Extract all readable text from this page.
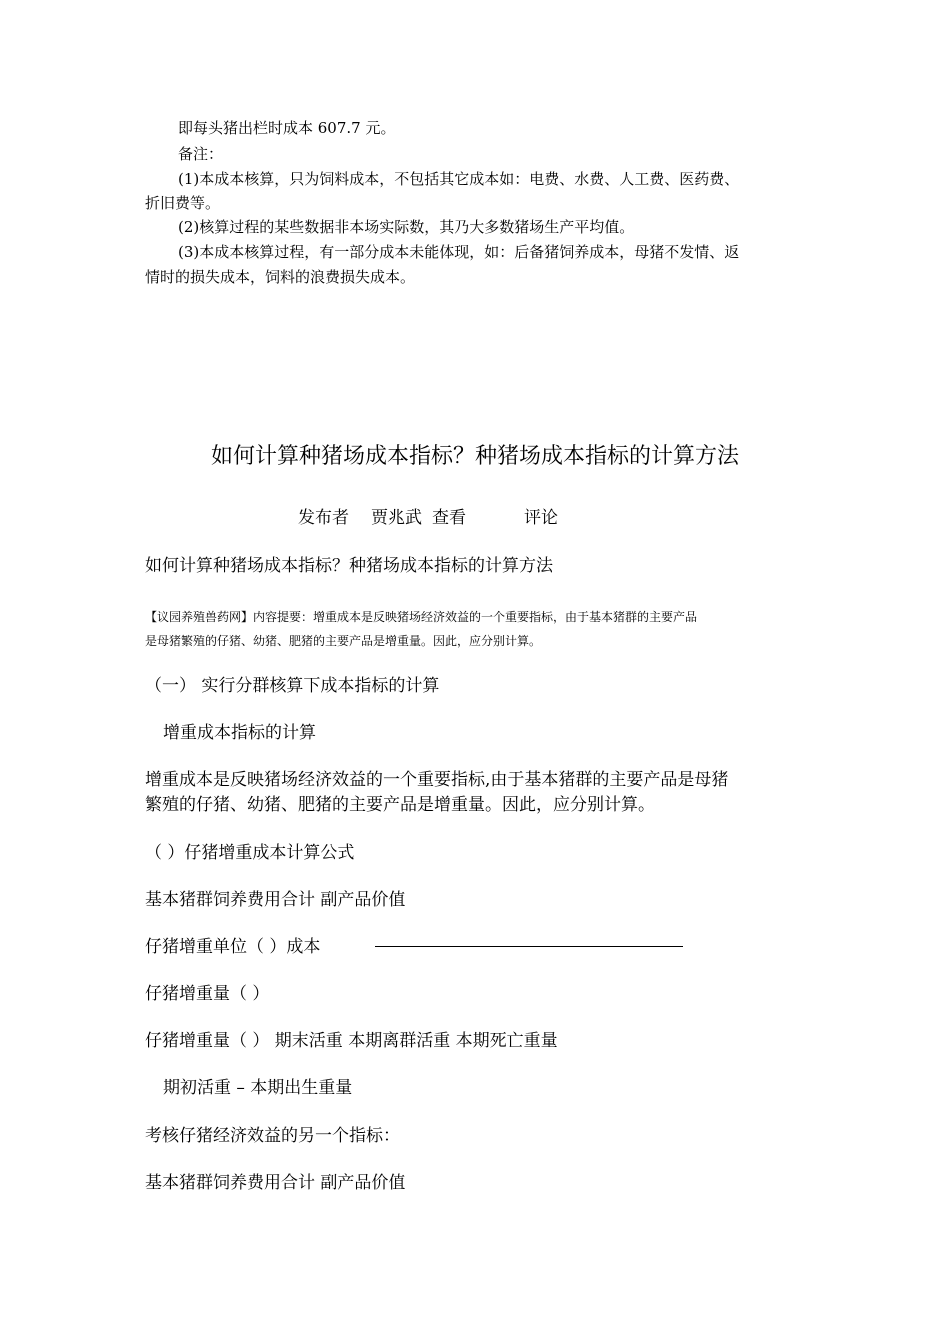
即每头猪出栏时成本 607.7 元。
备注：
(1)本成本核算，只为饲料成本，不包括其它成本如：电费、水费、人工费、医药费、
折旧费等。
(2)核算过程的某些数据非本场实际数，其乃大多数猪场生产平均值。
(3)本成本核算过程，有一部分成本未能体现，如：后备猪饲养成本，母猪不发情、返
情时的损失成本，饲料的浪费损失成本。
如何计算种猪场成本指标？种猪场成本指标的计算方法
发布者 贾兆武 查看	评论
如何计算种猪场成本指标？种猪场成本指标的计算方法
【议园养殖兽药网】内容提要：增重成本是反映猪场经济效益的一个重要指标，由于基本猪群的主要产品
是母猪繁殖的仔猪、幼猪、肥猪的主要产品是增重量。因此，应分别计算。
（一） 实行分群核算下成本指标的计算
增重成本指标的计算
增重成本是反映猪场经济效益的一个重要指标,由于基本猪群的主要产品是母猪
繁殖的仔猪、幼猪、肥猪的主要产品是增重量。因此，应分别计算。
（ ）仔猪增重成本计算公式
基本猪群饲养费用合计 副产品价值
仔猪增重单位（ ）成本
仔猪增重量（ ）
仔猪增重量（ ） 期末活重 本期离群活重 本期死亡重量
期初活重 – 本期出生重量
考核仔猪经济效益的另一个指标：
基本猪群饲养费用合计 副产品价值
